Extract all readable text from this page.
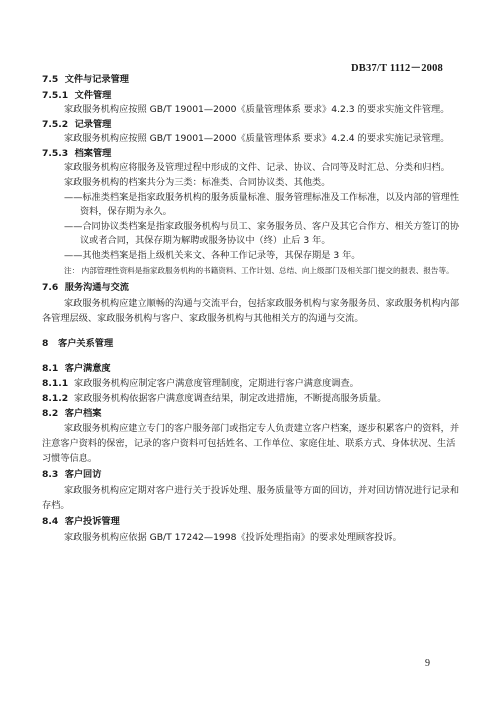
DB37/T 1112－2008
7.5 文件与记录管理
7.5.1 文件管理
家政服务机构应按照 GB/T 19001—2000《质量管理体系 要求》4.2.3 的要求实施文件管理。
7.5.2 记录管理
家政服务机构应按照 GB/T 19001—2000《质量管理体系 要求》4.2.4 的要求实施记录管理。
7.5.3 档案管理
家政服务机构应将服务及管理过程中形成的文件、记录、协议、合同等及时汇总、分类和归档。
家政服务机构的档案共分为三类：标准类、合同协议类、其他类。
——标准类档案是指家政服务机构的服务质量标准、服务管理标准及工作标准，以及内部的管理性
资料，保存期为永久。
——合同协议类档案是指家政服务机构与员工、家务服务员、客户及其它合作方、相关方签订的协
议或者合同，其保存期为解聘或服务协议中（终）止后 3 年。
——其他类档案是指上级机关来文、各种工作记录等，其保存期是 3 年。
注： 内部管理性资料是指家政服务机构的书籍资料、工作计划、总结、向上级部门及相关部门提交的报表、报告等。
7.6 服务沟通与交流
家政服务机构应建立顺畅的沟通与交流平台，包括家政服务机构与家务服务员、家政服务机构内部
各管理层级、家政服务机构与客户、家政服务机构与其他相关方的沟通与交流。
8 客户关系管理
8.1 客户满意度
8.1.1 家政服务机构应制定客户满意度管理制度，定期进行客户满意度调查。
8.1.2 家政服务机构依据客户满意度调查结果，制定改进措施，不断提高服务质量。
8.2 客户档案
家政服务机构应建立专门的客户服务部门或指定专人负责建立客户档案，逐步积累客户的资料，并
注意客户资料的保密，记录的客户资料可包括姓名、工作单位、家庭住址、联系方式、身体状况、生活
习惯等信息。
8.3 客户回访
家政服务机构应定期对客户进行关于投诉处理、服务质量等方面的回访，并对回访情况进行记录和
存档。
8.4 客户投诉管理
家政服务机构应依据 GB/T 17242—1998《投诉处理指南》的要求处理顾客投诉。
9
